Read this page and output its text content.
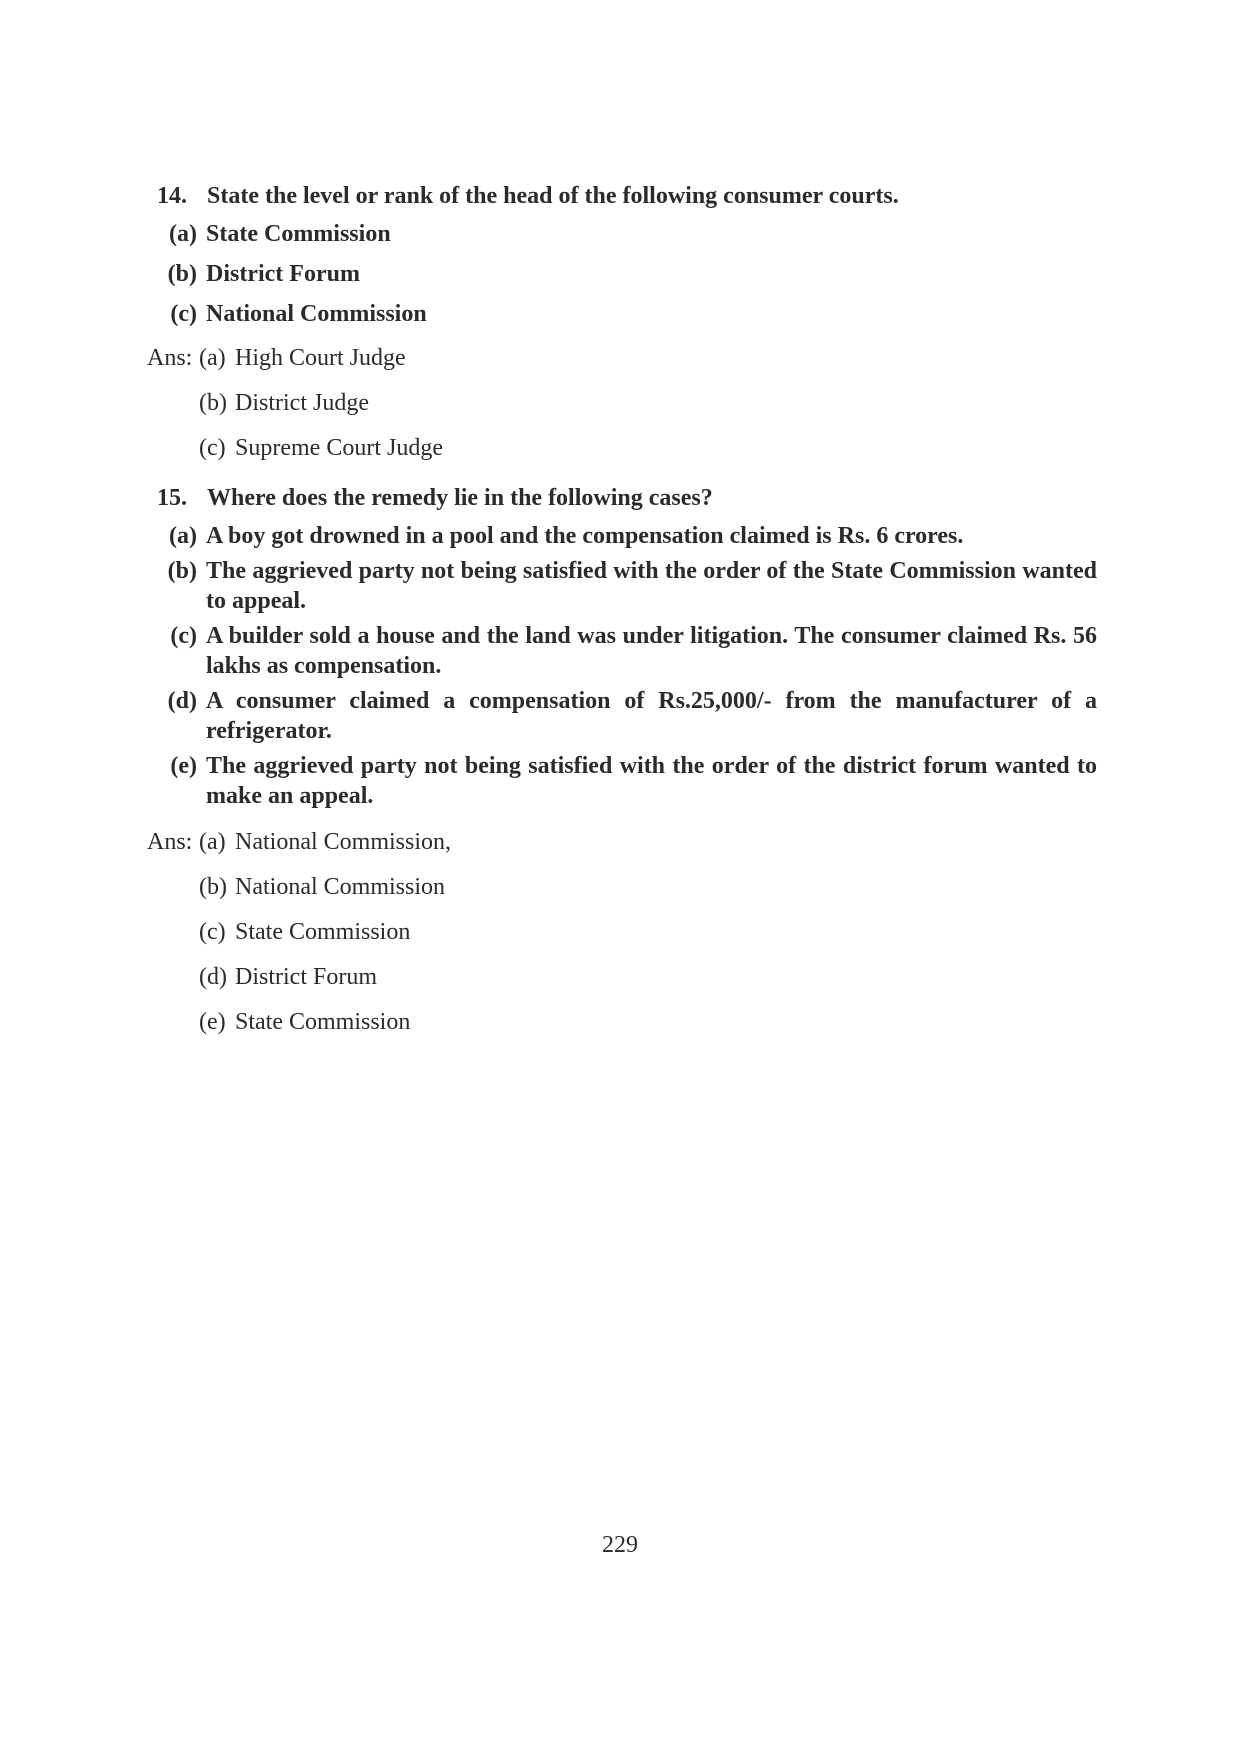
14. State the level or rank of the head of the following consumer courts.
(a) State Commission
(b) District Forum
(c) National Commission
Ans: (a) High Court Judge
(b) District Judge
(c) Supreme Court Judge
15. Where does the remedy lie in the following cases?
(a) A boy got drowned in a pool and the compensation claimed is Rs. 6 crores.
(b) The aggrieved party not being satisfied with the order of the State Commission wanted to appeal.
(c) A builder sold a house and the land was under litigation. The consumer claimed Rs. 56 lakhs as compensation.
(d) A consumer claimed a compensation of Rs.25,000/- from the manufacturer of a refrigerator.
(e) The aggrieved party not being satisfied with the order of the district forum wanted to make an appeal.
Ans: (a) National Commission,
(b) National Commission
(c) State Commission
(d) District Forum
(e) State Commission
229
